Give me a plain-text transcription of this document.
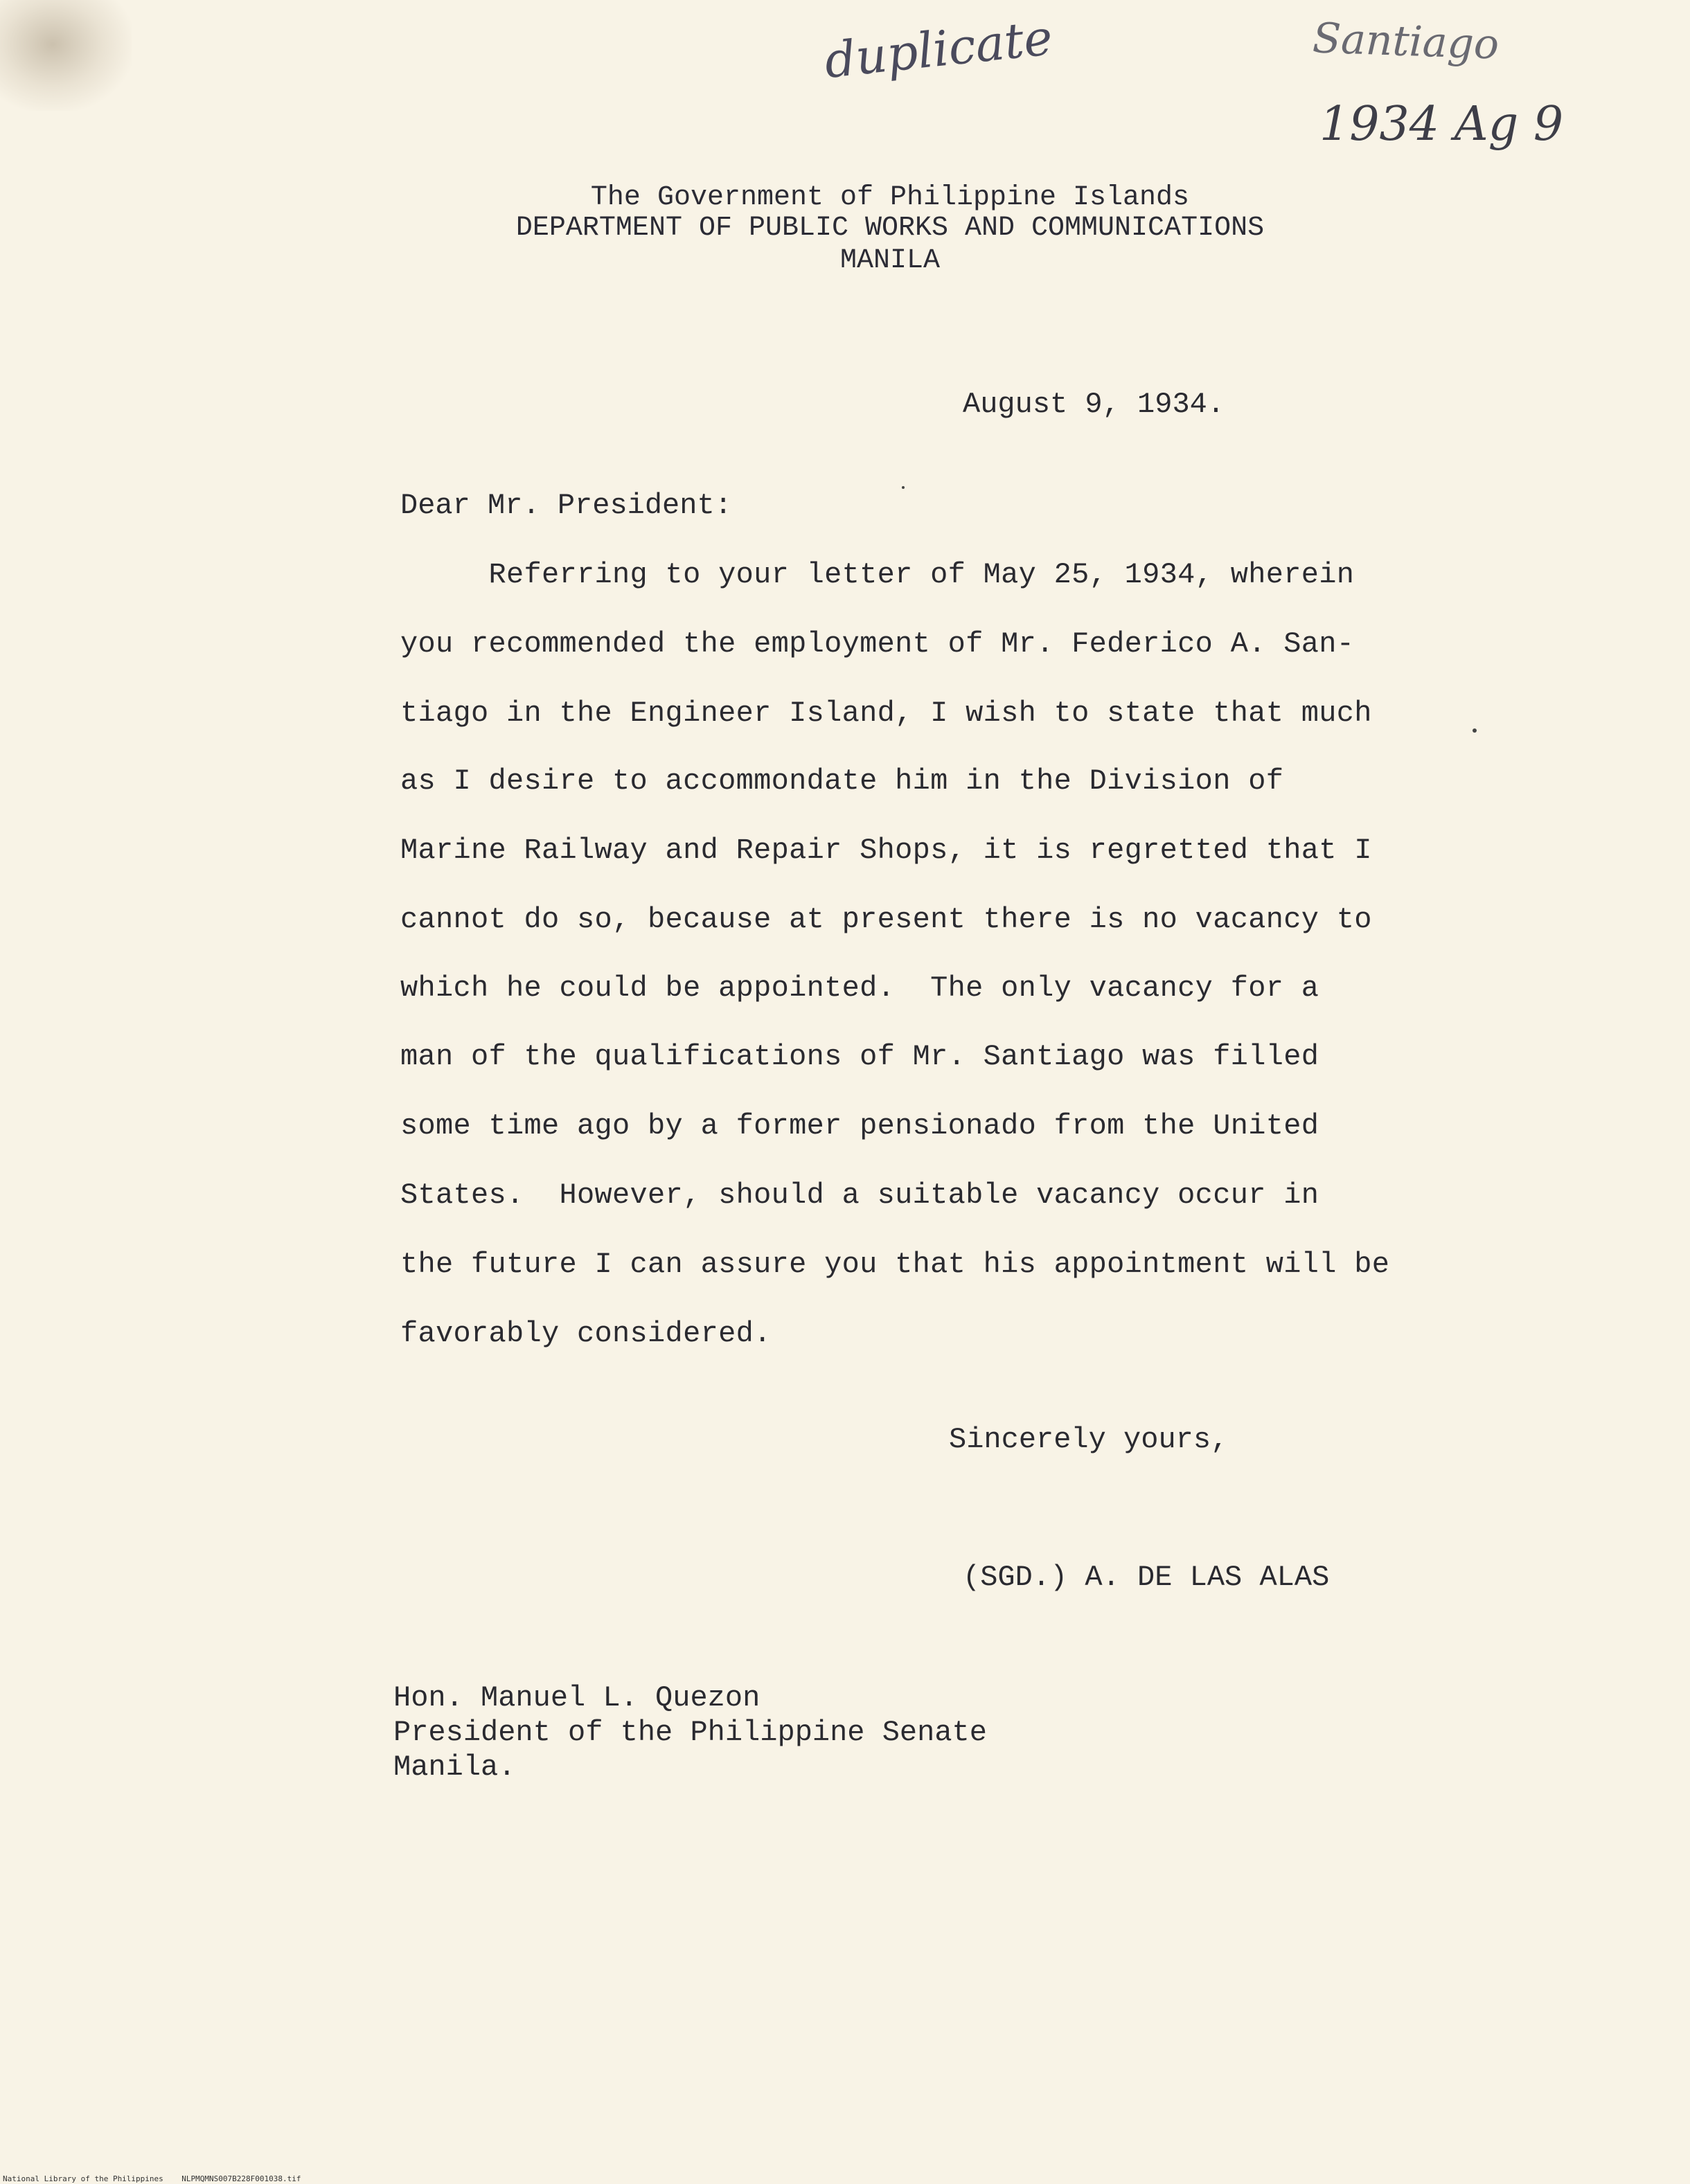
duplicate	Santiago
1934 Ag 9
The Government of Philippine Islands
DEPARTMENT OF PUBLIC WORKS AND COMMUNICATIONS
MANILA
August 9, 1934.
Dear Mr. President:
Referring to your letter of May 25, 1934, wherein
you recommended the employment of Mr. Federico A. San-
tiago in the Engineer Island, I wish to state that much
as I desire to accommondate him in the Division of
Marine Railway and Repair Shops, it is regretted that I
cannot do so, because at present there is no vacancy to
which he could be appointed.  The only vacancy for a
man of the qualifications of Mr. Santiago was filled
some time ago by a former pensionado from the United
States.  However, should a suitable vacancy occur in
the future I can assure you that his appointment will be
favorably considered.
Sincerely yours,
(SGD.) A. DE LAS ALAS
Hon. Manuel L. Quezon
President of the Philippine Senate
Manila.
National Library of the Philippines NLPMQMNS007B228F001038.tif
